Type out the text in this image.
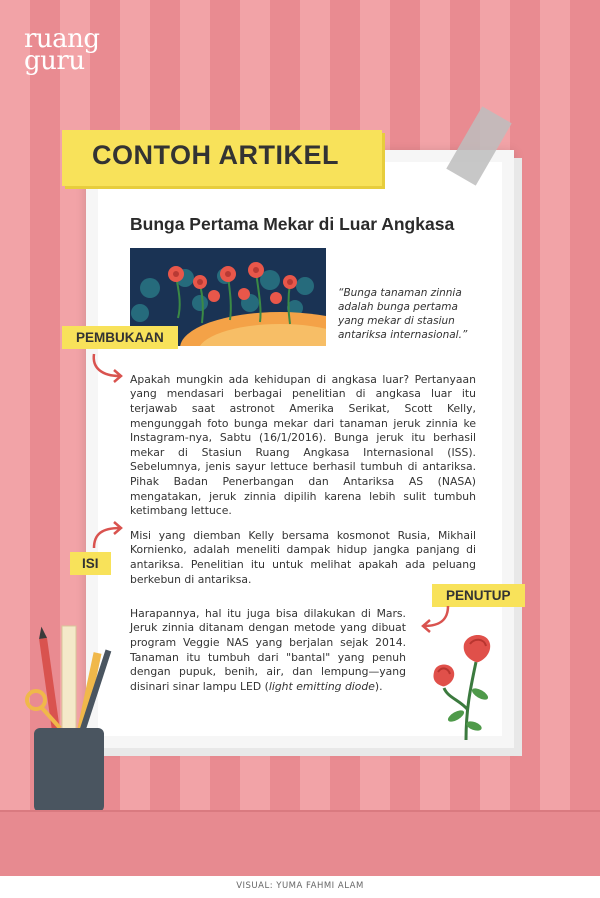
ruang
guru
CONTOH ARTIKEL
Bunga Pertama Mekar di Luar Angkasa
“Bunga tanaman zinnia adalah bunga pertama yang mekar di stasiun antariksa internasional.”
PEMBUKAAN

Apakah mungkin ada kehidupan di angkasa luar? Pertanyaan yang mendasari berbagai penelitian di angkasa luar itu terjawab saat astronot Amerika Serikat, Scott Kelly, mengunggah foto bunga mekar dari tanaman jeruk zinnia ke Instagram-nya, Sabtu (16/1/2016). Bunga jeruk itu berhasil mekar di Stasiun Ruang Angkasa Internasional (ISS). Sebelumnya, jenis sayur lettuce berhasil tumbuh di antariksa. Pihak Badan Penerbangan dan Antariksa AS (NASA) mengatakan, jeruk zinnia dipilih karena lebih sulit tumbuh ketimbang lettuce.

Misi yang diemban Kelly bersama kosmonot Rusia, Mikhail Kornienko, adalah meneliti dampak hidup jangka panjang di antariksa. Penelitian itu untuk melihat apakah ada peluang berkebun di antariksa.

ISI
PENUTUP

Harapannya, hal itu juga bisa dilakukan di Mars. Jeruk zinnia ditanam dengan metode yang dibuat program Veggie NAS yang berjalan sejak 2014. Tanaman itu tumbuh dari "bantal" yang penuh dengan pupuk, benih, air, dan lempung—yang disinari sinar lampu LED (light emitting diode).

VISUAL: YUMA FAHMI ALAM
